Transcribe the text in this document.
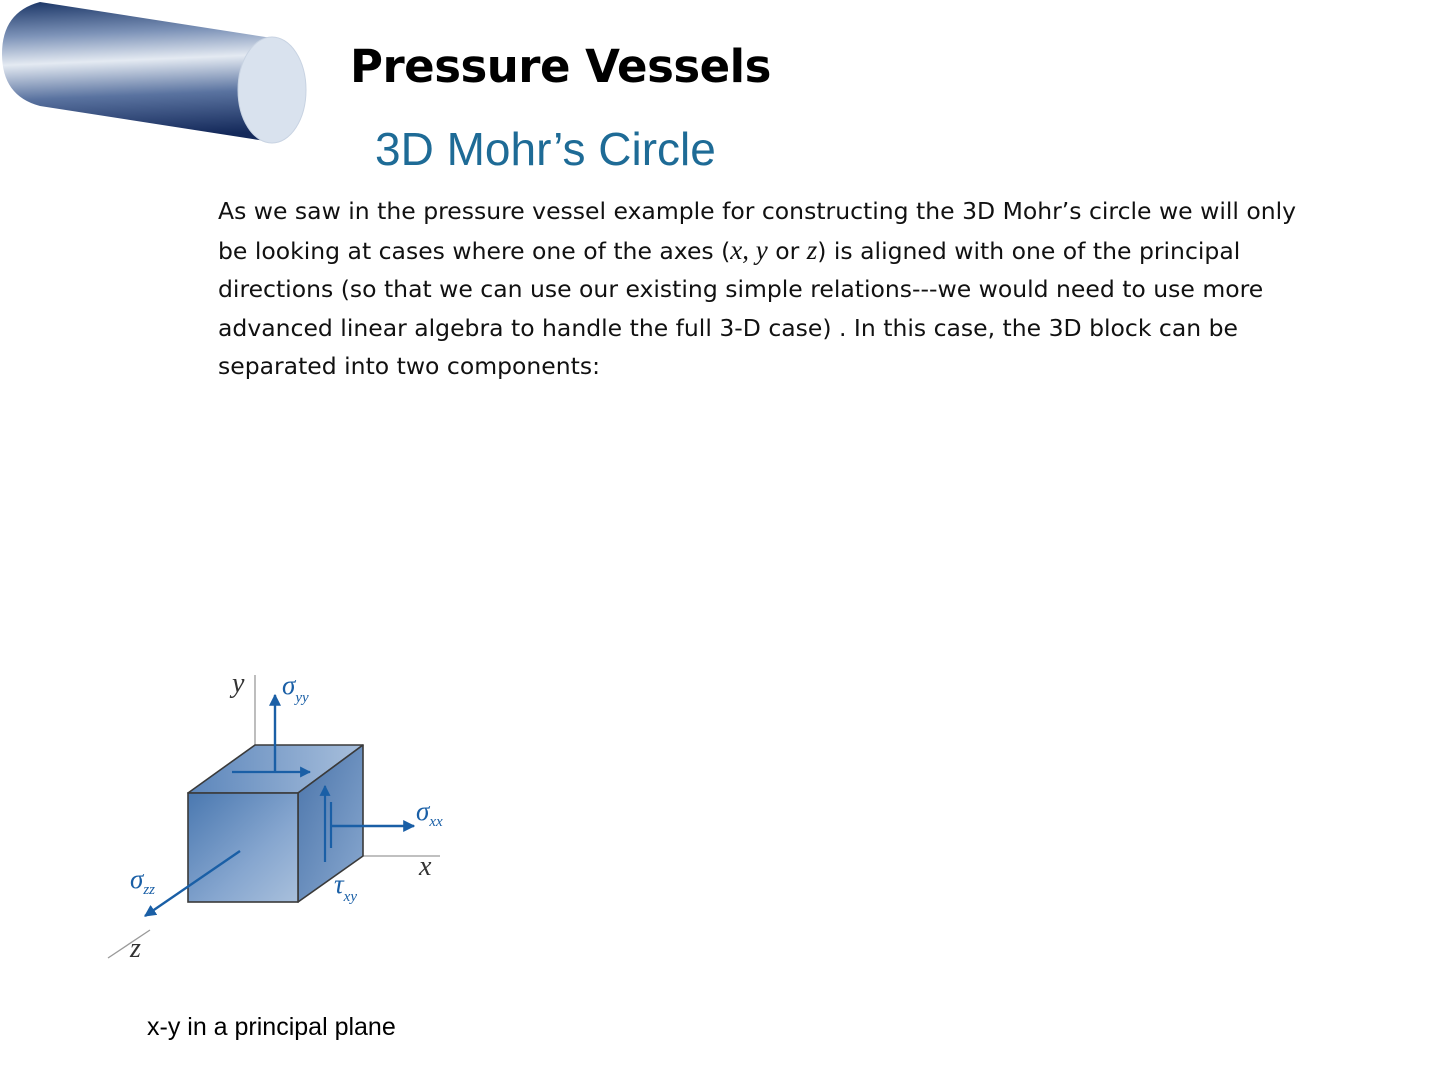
Pressure Vessels
3D Mohr’s Circle

As we saw in the pressure vessel example for constructing the 3D Mohr’s circle we will only
be looking at cases where one of the axes (x, y or z) is aligned with one of the principal
directions (so that we can use our existing simple relations---we would need to use more
advanced linear algebra to handle the full 3-D case) . In this case, the 3D block can be
separated into two components:

y
x
z
σyy
σxx
σzz	τxy

x-y in a principal plane
